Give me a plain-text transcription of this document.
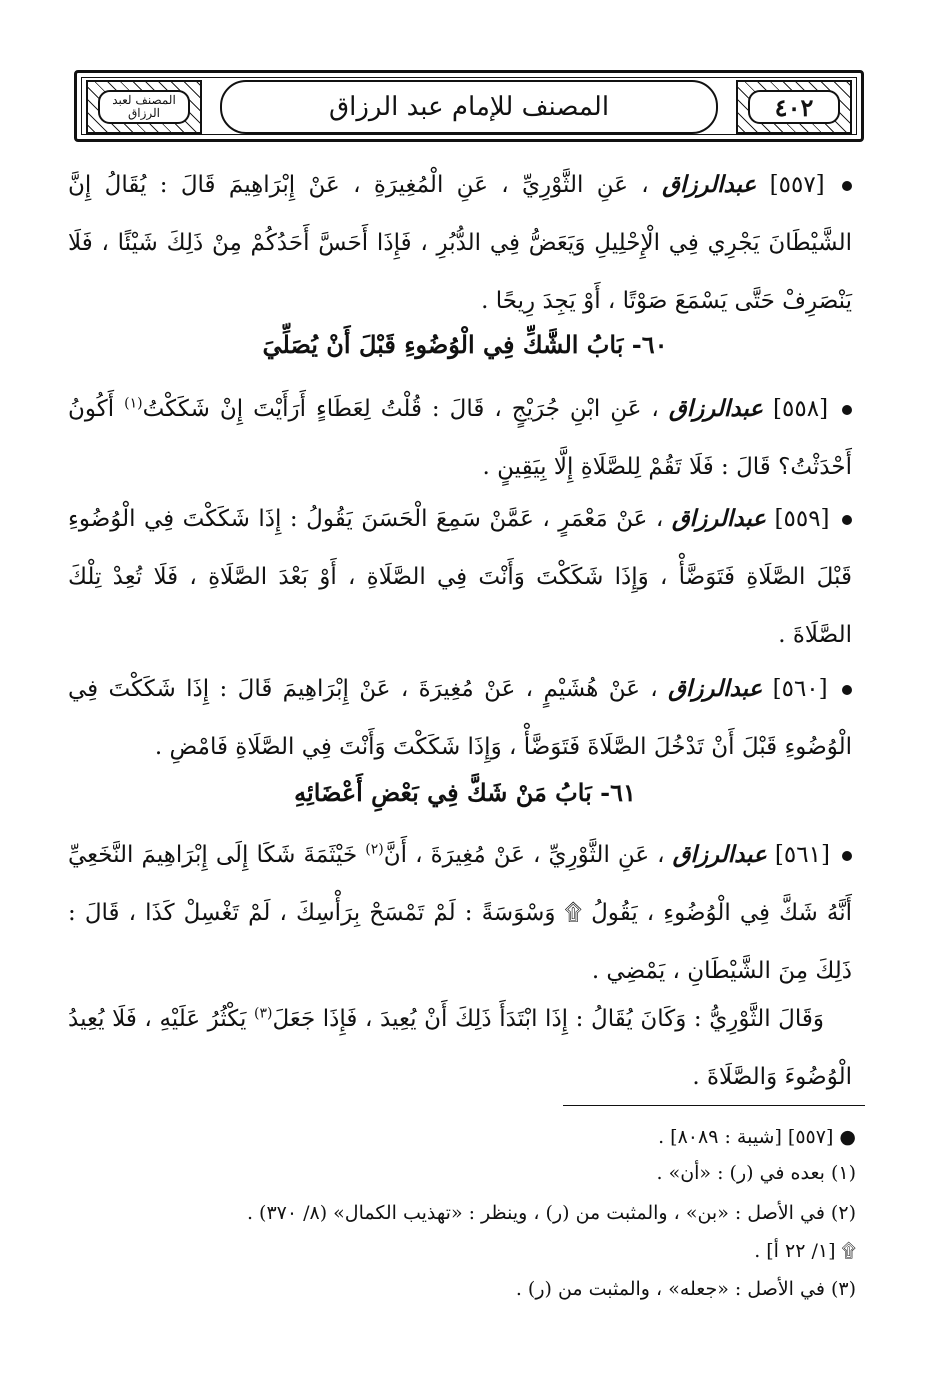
المصنف لعبد الرزاق	المصنف للإمام عبد الرزاق	٤٠٢
[٥٥٧] عبدالرزاق ، عَنِ الثَّوْرِيِّ ، عَنِ الْمُغِيرَةِ ، عَنْ إِبْرَاهِيمَ قَالَ : يُقَالُ إِنَّ الشَّيْطَانَ يَجْرِي فِي الْإِحْلِيلِ وَيَعَضُّ فِي الدُّبُرِ ، فَإِذَا أَحَسَّ أَحَدُكُمْ مِنْ ذَلِكَ شَيْئًا ، فَلَا يَنْصَرِفْ حَتَّى يَسْمَعَ صَوْتًا ، أَوْ يَجِدَ رِيحًا .
٦٠- بَابُ الشَّكِّ فِي الْوُضُوءِ قَبْلَ أَنْ يُصَلِّيَ
[٥٥٨] عبدالرزاق ، عَنِ ابْنِ جُرَيْجٍ ، قَالَ : قُلْتُ لِعَطَاءٍ أَرَأَيْتَ إِنْ شَكَكْتُ$^{(١)}$ أَكُونُ أَحْدَثْتُ؟ قَالَ : فَلَا تَقُمْ لِلصَّلَاةِ إِلَّا بِيَقِينٍ .
[٥٥٩] عبدالرزاق ، عَنْ مَعْمَرٍ ، عَمَّنْ سَمِعَ الْحَسَنَ يَقُولُ : إِذَا شَكَكْتَ فِي الْوُضُوءِ قَبْلَ الصَّلَاةِ فَتَوَضَّأْ ، وَإِذَا شَكَكْتَ وَأَنْتَ فِي الصَّلَاةِ ، أَوْ بَعْدَ الصَّلَاةِ ، فَلَا تُعِدْ تِلْكَ الصَّلَاةَ .
[٥٦٠] عبدالرزاق ، عَنْ هُشَيْمٍ ، عَنْ مُغِيرَةَ ، عَنْ إِبْرَاهِيمَ قَالَ : إِذَا شَكَكْتَ فِي الْوُضُوءِ قَبْلَ أَنْ تَدْخُلَ الصَّلَاةَ فَتَوَضَّأْ ، وَإِذَا شَكَكْتَ وَأَنْتَ فِي الصَّلَاةِ فَامْضِ .
٦١- بَابُ مَنْ شَكَّ فِي بَعْضِ أَعْضَائِهِ
[٥٦١] عبدالرزاق ، عَنِ الثَّوْرِيِّ ، عَنْ مُغِيرَةَ ، أَنَّ$^{(٢)}$ خَيْثَمَةَ شَكَا إِلَى إِبْرَاهِيمَ النَّخَعِيِّ أَنَّهُ شَكَّ فِي الْوُضُوءِ ، يَقُولُ ۩ وَسْوَسَةً : لَمْ تَمْسَحْ بِرَأْسِكَ ، لَمْ تَغْسِلْ كَذَا ، قَالَ : ذَلِكَ مِنَ الشَّيْطَانِ ، يَمْضِي .
وَقَالَ الثَّوْرِيُّ : وَكَانَ يُقَالُ : إِذَا ابْتَدَأَ ذَلِكَ أَنْ يُعِيدَ ، فَإِذَا جَعَلَ$^{(٣)}$ يَكْثُرُ عَلَيْهِ ، فَلَا يُعِيدُ الْوُضُوءَ وَالصَّلَاةَ .
● [٥٥٧] [شيبة : ٨٠٨٩] .
(١) بعده في (ر) : «أن» .
(٢) في الأصل : «بن» ، والمثبت من (ر) ، وينظر : «تهذيب الكمال» (٨/ ٣٧٠) .
۩ [١/ ٢٢ أ] .
(٣) في الأصل : «جعله» ، والمثبت من (ر) .
